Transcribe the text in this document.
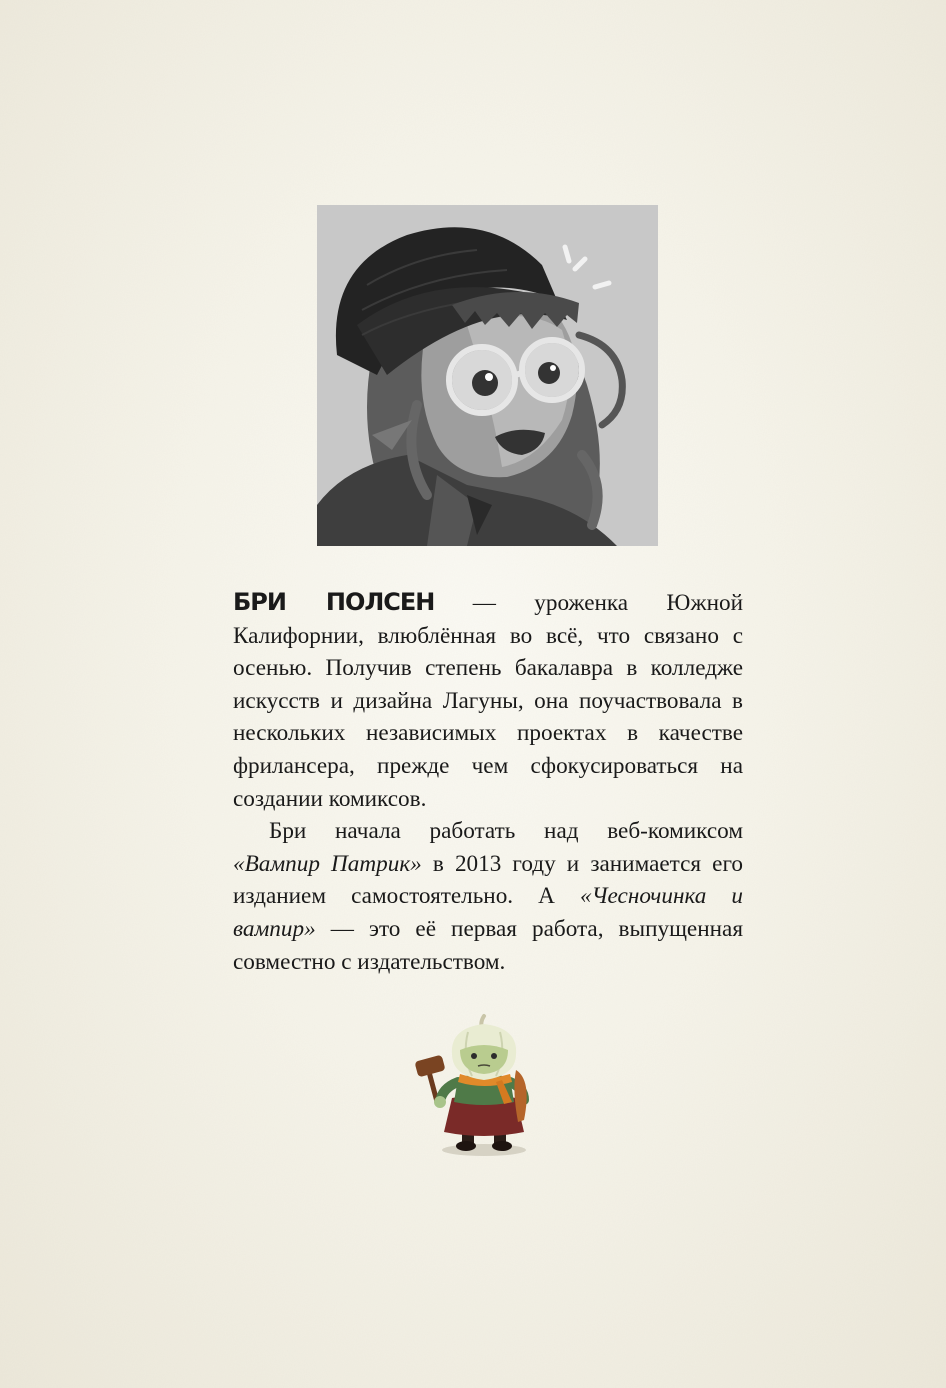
БРИ ПОЛСЕН — уроженка Южной Калифорнии, влюблённая во всё, что связано с осенью. Получив степень бакалавра в колледже искусств и дизайна Лагуны, она поучаствовала в нескольких независимых проектах в качестве фрилансера, прежде чем сфокусироваться на создании комиксов.

Бри начала работать над веб-комиксом «Вампир Патрик» в 2013 году и занимается его изданием самостоятельно. А «Чесночинка и вампир» — это её первая работа, выпущенная совместно с издательством.
